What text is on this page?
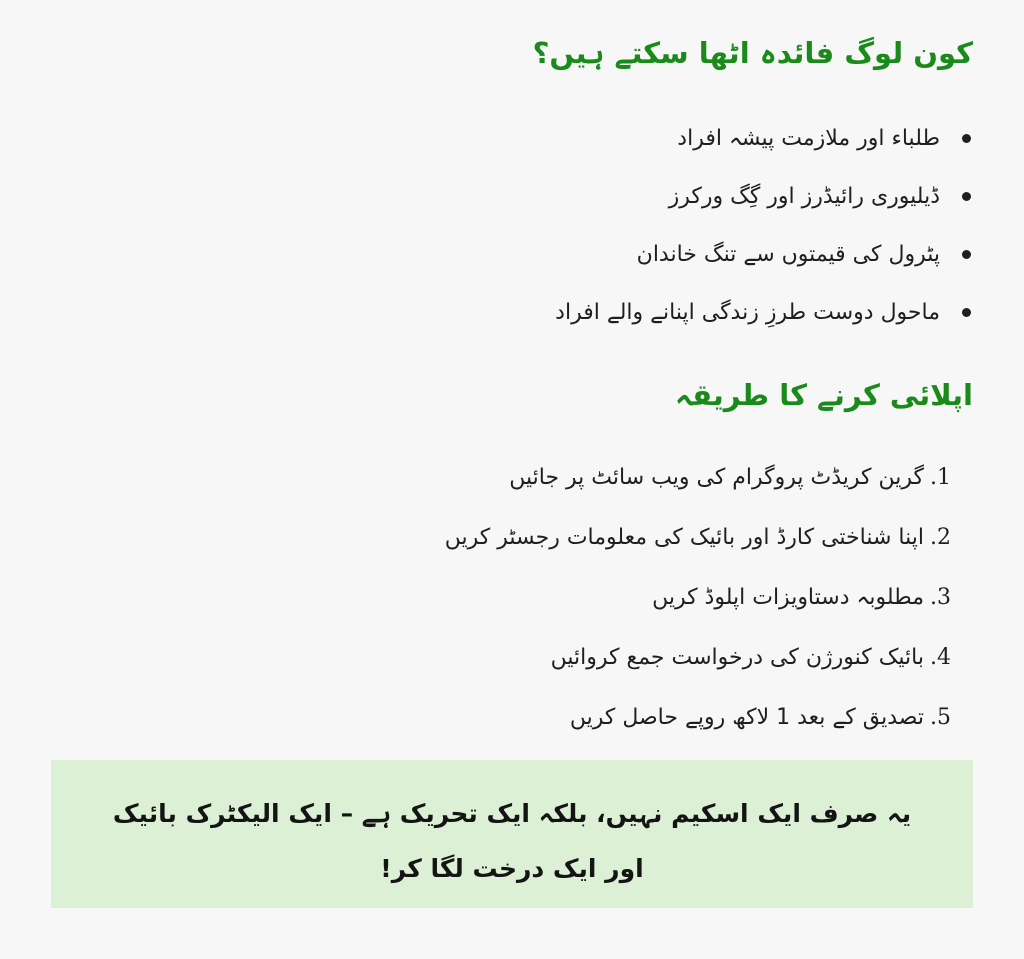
کون لوگ فائدہ اٹھا سکتے ہیں؟
طلباء اور ملازمت پیشہ افراد
ڈیلیوری رائیڈرز اور گِگ ورکرز
پٹرول کی قیمتوں سے تنگ خاندان
ماحول دوست طرزِ زندگی اپنانے والے افراد
اپلائی کرنے کا طریقہ
1.گرین کریڈٹ پروگرام کی ویب سائٹ پر جائیں
2.اپنا شناختی کارڈ اور بائیک کی معلومات رجسٹر کریں
3.مطلوبہ دستاویزات اپلوڈ کریں
4.بائیک کنورژن کی درخواست جمع کروائیں
5.تصدیق کے بعد 1 لاکھ روپے حاصل کریں
یہ صرف ایک اسکیم نہیں، بلکہ ایک تحریک ہے – ایک الیکٹرک بائیک اور ایک درخت لگا کر!
